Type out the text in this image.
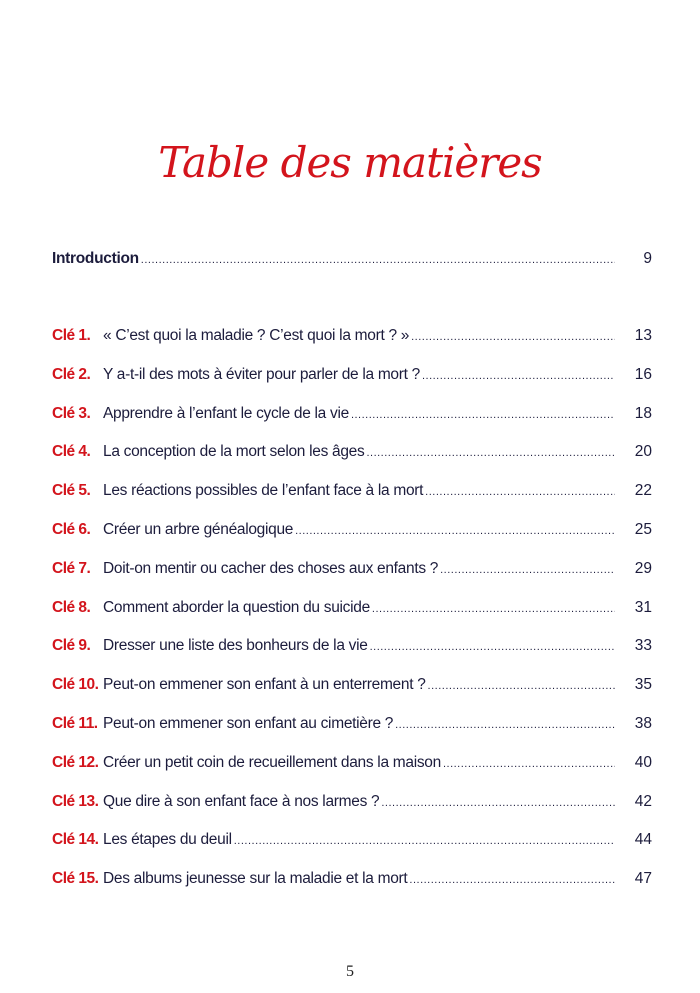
Table des matières
Introduction .....	9
Clé 1. « C’est quoi la maladie ? C’est quoi la mort ? » .....	13
Clé 2. Y a-t-il des mots à éviter pour parler de la mort ? .....	16
Clé 3. Apprendre à l’enfant le cycle de la vie .....	18
Clé 4. La conception de la mort selon les âges .....	20
Clé 5. Les réactions possibles de l’enfant face à la mort .....	22
Clé 6. Créer un arbre généalogique .....	25
Clé 7. Doit-on mentir ou cacher des choses aux enfants ? .....	29
Clé 8. Comment aborder la question du suicide .....	31
Clé 9. Dresser une liste des bonheurs de la vie .....	33
Clé 10. Peut-on emmener son enfant à un enterrement ? .....	35
Clé 11. Peut-on emmener son enfant au cimetière ? .....	38
Clé 12. Créer un petit coin de recueillement dans la maison .....	40
Clé 13. Que dire à son enfant face à nos larmes ? .....	42
Clé 14. Les étapes du deuil .....	44
Clé 15. Des albums jeunesse sur la maladie et la mort .....	47
5
